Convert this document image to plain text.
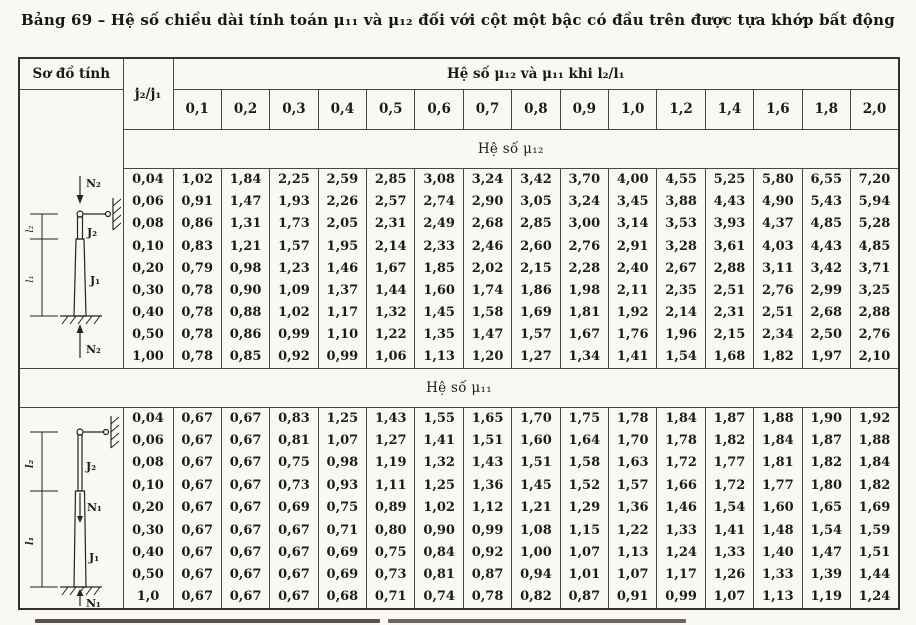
Bảng 69 – Hệ số chiều dài tính toán μ₁₁ và μ₁₂ đối với cột một bậc có đầu trên được tựa khớp bất động
Sơ đồ tính	j₂/j₁	Hệ số μ₁₂ và μ₁₁ khi l₂/l₁														

N₂
J₂
J₁
N₂
l₂
l₁
	0,1	0,2	0,3	0,4	0,5	0,6	0,7	0,8	0,9	1,0	1,2	1,4	1,6	1,8	2,0
	Hệ số μ₁₂															
	0,04	1,02	1,84	2,25	2,59	2,85	3,08	3,24	3,42	3,70	4,00	4,55	5,25	5,80	6,55	7,20
	0,06	0,91	1,47	1,93	2,26	2,57	2,74	2,90	3,05	3,24	3,45	3,88	4,43	4,90	5,43	5,94
	0,08	0,86	1,31	1,73	2,05	2,31	2,49	2,68	2,85	3,00	3,14	3,53	3,93	4,37	4,85	5,28
	0,10	0,83	1,21	1,57	1,95	2,14	2,33	2,46	2,60	2,76	2,91	3,28	3,61	4,03	4,43	4,85
	0,20	0,79	0,98	1,23	1,46	1,67	1,85	2,02	2,15	2,28	2,40	2,67	2,88	3,11	3,42	3,71
	0,30	0,78	0,90	1,09	1,37	1,44	1,60	1,74	1,86	1,98	2,11	2,35	2,51	2,76	2,99	3,25
	0,40	0,78	0,88	1,02	1,17	1,32	1,45	1,58	1,69	1,81	1,92	2,14	2,31	2,51	2,68	2,88
	0,50	0,78	0,86	0,99	1,10	1,22	1,35	1,47	1,57	1,67	1,76	1,96	2,15	2,34	2,50	2,76
	1,00	0,78	0,85	0,92	0,99	1,06	1,13	1,20	1,27	1,34	1,41	1,54	1,68	1,82	1,97	2,10
Hệ số μ₁₁																

J₂
N₁
J₁
N₁
l₂
l₁
	0,04	0,67	0,67	0,83	1,25	1,43	1,55	1,65	1,70	1,75	1,78	1,84	1,87	1,88	1,90	1,92
	0,06	0,67	0,67	0,81	1,07	1,27	1,41	1,51	1,60	1,64	1,70	1,78	1,82	1,84	1,87	1,88
	0,08	0,67	0,67	0,75	0,98	1,19	1,32	1,43	1,51	1,58	1,63	1,72	1,77	1,81	1,82	1,84
	0,10	0,67	0,67	0,73	0,93	1,11	1,25	1,36	1,45	1,52	1,57	1,66	1,72	1,77	1,80	1,82
	0,20	0,67	0,67	0,69	0,75	0,89	1,02	1,12	1,21	1,29	1,36	1,46	1,54	1,60	1,65	1,69
	0,30	0,67	0,67	0,67	0,71	0,80	0,90	0,99	1,08	1,15	1,22	1,33	1,41	1,48	1,54	1,59
	0,40	0,67	0,67	0,67	0,69	0,75	0,84	0,92	1,00	1,07	1,13	1,24	1,33	1,40	1,47	1,51
	0,50	0,67	0,67	0,67	0,69	0,73	0,81	0,87	0,94	1,01	1,07	1,17	1,26	1,33	1,39	1,44
	1,0	0,67	0,67	0,67	0,68	0,71	0,74	0,78	0,82	0,87	0,91	0,99	1,07	1,13	1,19	1,24
